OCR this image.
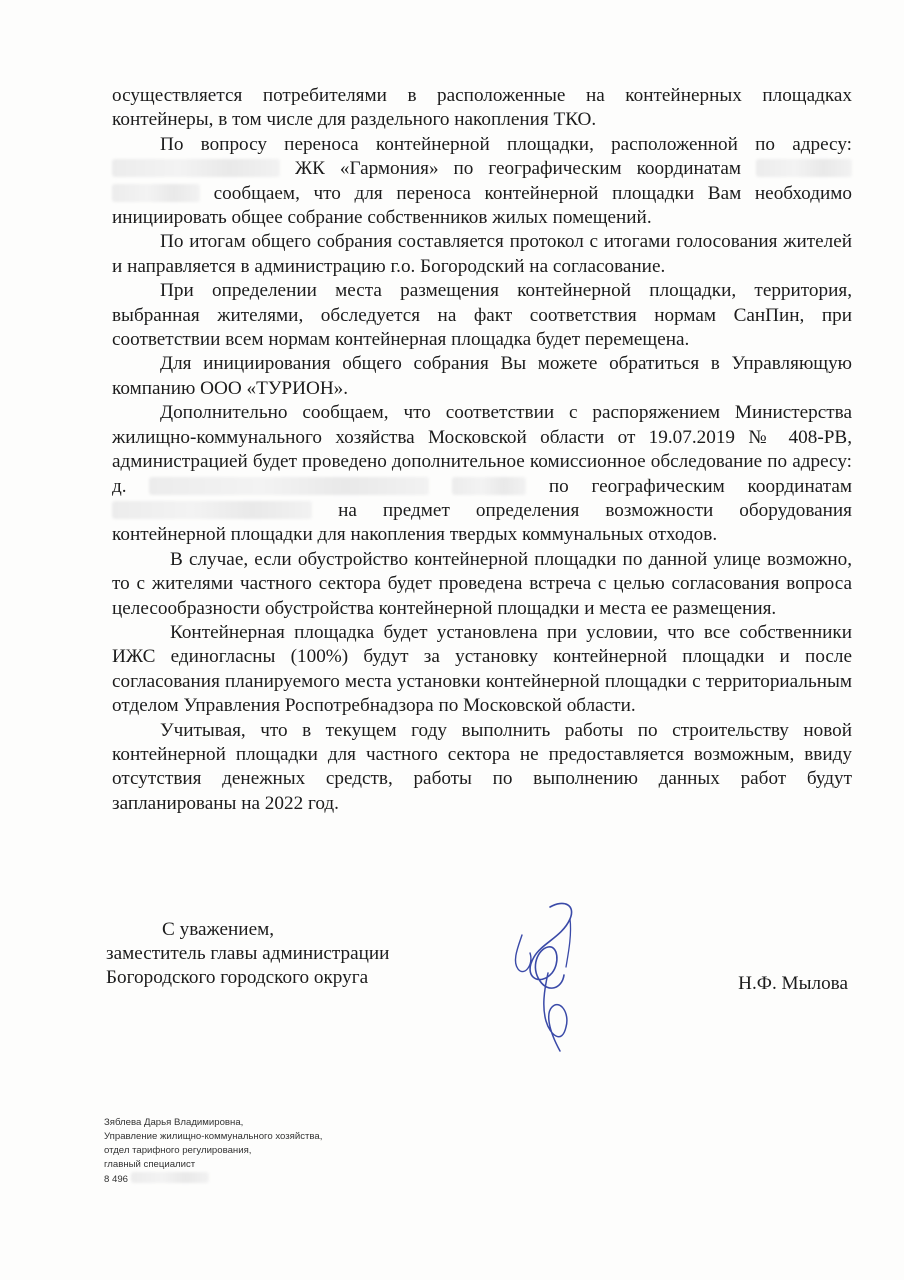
осуществляется потребителями в расположенные на контейнерных площадках контейнеры, в том числе для раздельного накопления ТКО.

По вопросу переноса контейнерной площадки, расположенной по адресу:  ЖК «Гармония» по географическим координатам   сообщаем, что для переноса контейнерной площадки Вам необходимо инициировать общее собрание собственников жилых помещений.

По итогам общего собрания составляется протокол с итогами голосования жителей и направляется в администрацию г.о. Богородский на согласование.

При определении места размещения контейнерной площадки, территория, выбранная жителями, обследуется на факт соответствия нормам СанПин, при соответствии всем нормам контейнерная площадка будет перемещена.

Для инициирования общего собрания Вы можете обратиться в Управляющую компанию ООО «ТУРИОН».

Дополнительно сообщаем, что соответствии с распоряжением Министерства жилищно-коммунального хозяйства Московской области от 19.07.2019 № 408-РВ, администрацией будет проведено дополнительное комиссионное обследование по адресу: д.	по географическим координатам  на предмет определения возможности оборудования контейнерной площадки для накопления твердых коммунальных отходов.

В случае, если обустройство контейнерной площадки по данной улице возможно, то с жителями частного сектора будет проведена встреча с целью согласования вопроса целесообразности обустройства контейнерной площадки и места ее размещения.

Контейнерная площадка будет установлена при условии, что все собственники ИЖС единогласны (100%) будут за установку контейнерной площадки и после согласования планируемого места установки контейнерной площадки с территориальным отделом Управления Роспотребнадзора по Московской области.

Учитывая, что в текущем году выполнить работы по строительству новой контейнерной площадки для частного сектора не предоставляется возможным, ввиду отсутствия денежных средств, работы по выполнению данных работ будут запланированы на 2022 год.

С уважением,
заместитель главы администрации
Богородского городского округа	Н.Ф. Мылова
Зяблева Дарья Владимировна,
Управление жилищно-коммунального хозяйства,
отдел тарифного регулирования,
главный специалист
8 496
